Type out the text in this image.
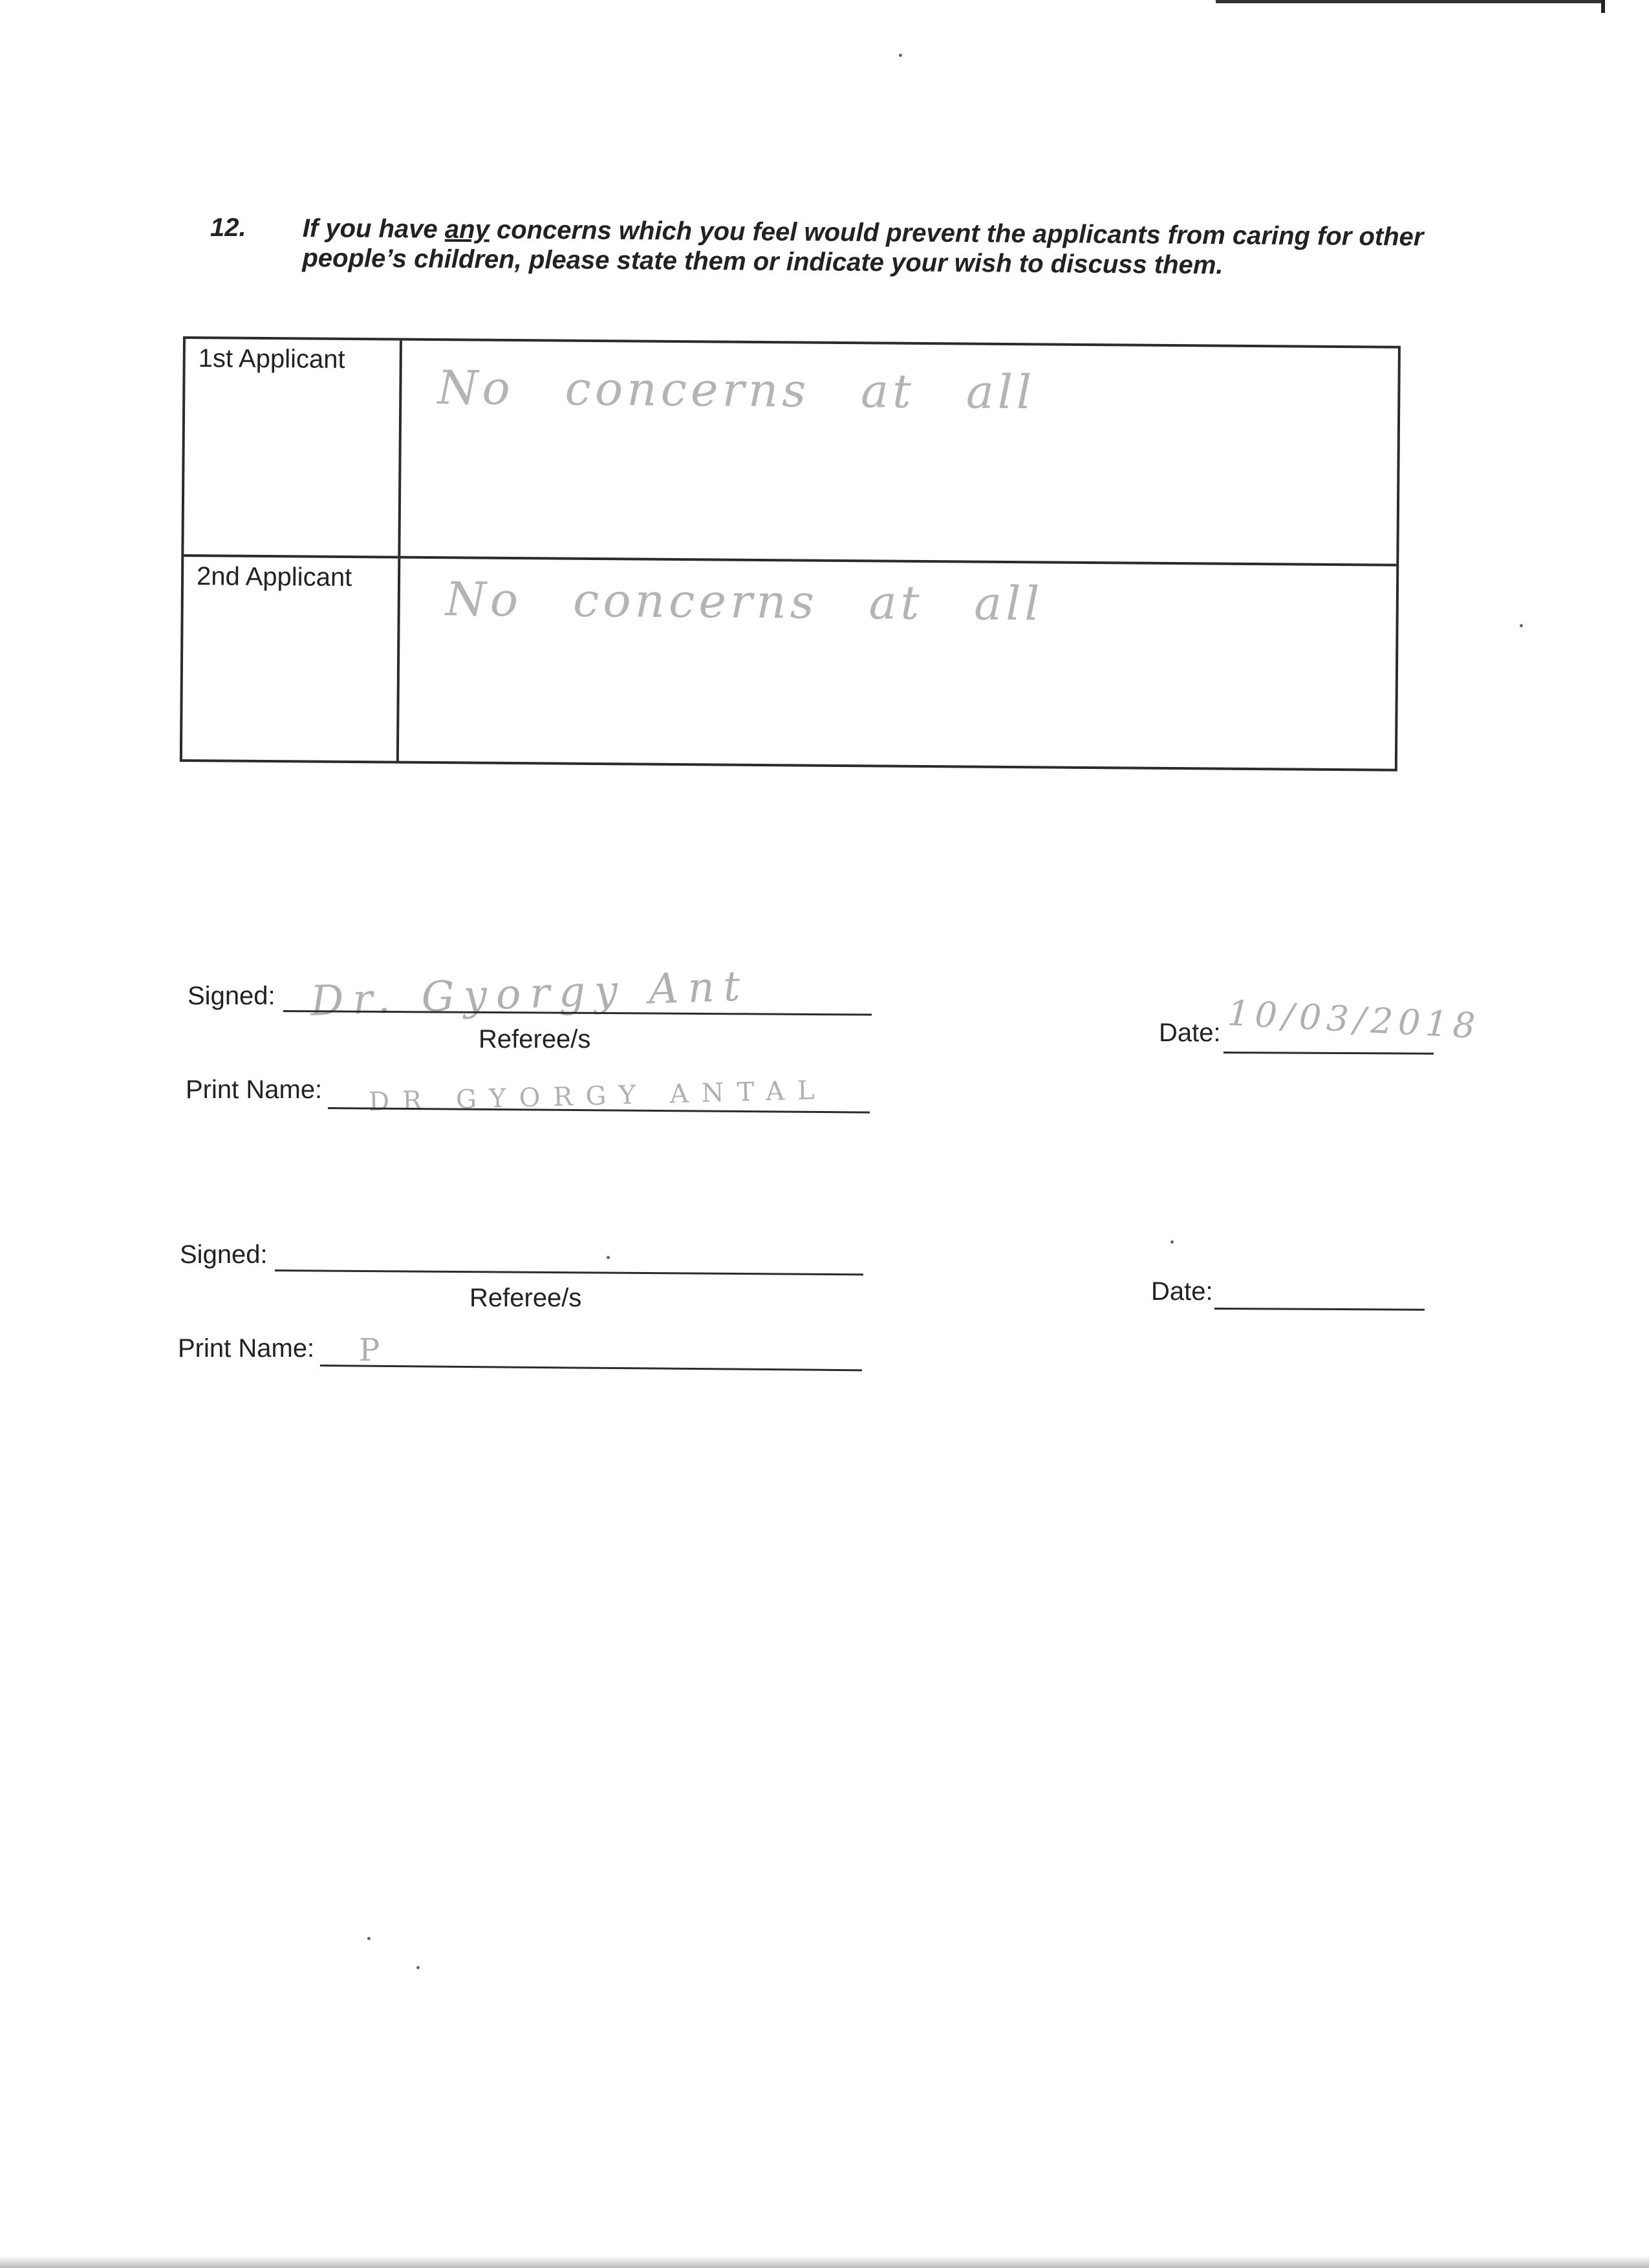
12. If you have any concerns which you feel would prevent the applicants from caring for other people’s children, please state them or indicate your wish to discuss them.
1st Applicant
No concerns at all
2nd Applicant No concerns at all
Signed: Dr. Gyorgy Ant
Referee/s	Date: 10/03/2018
Print Name: DR GYORGY ANTAL
Signed:
Referee/s	Date:
Print Name: P
